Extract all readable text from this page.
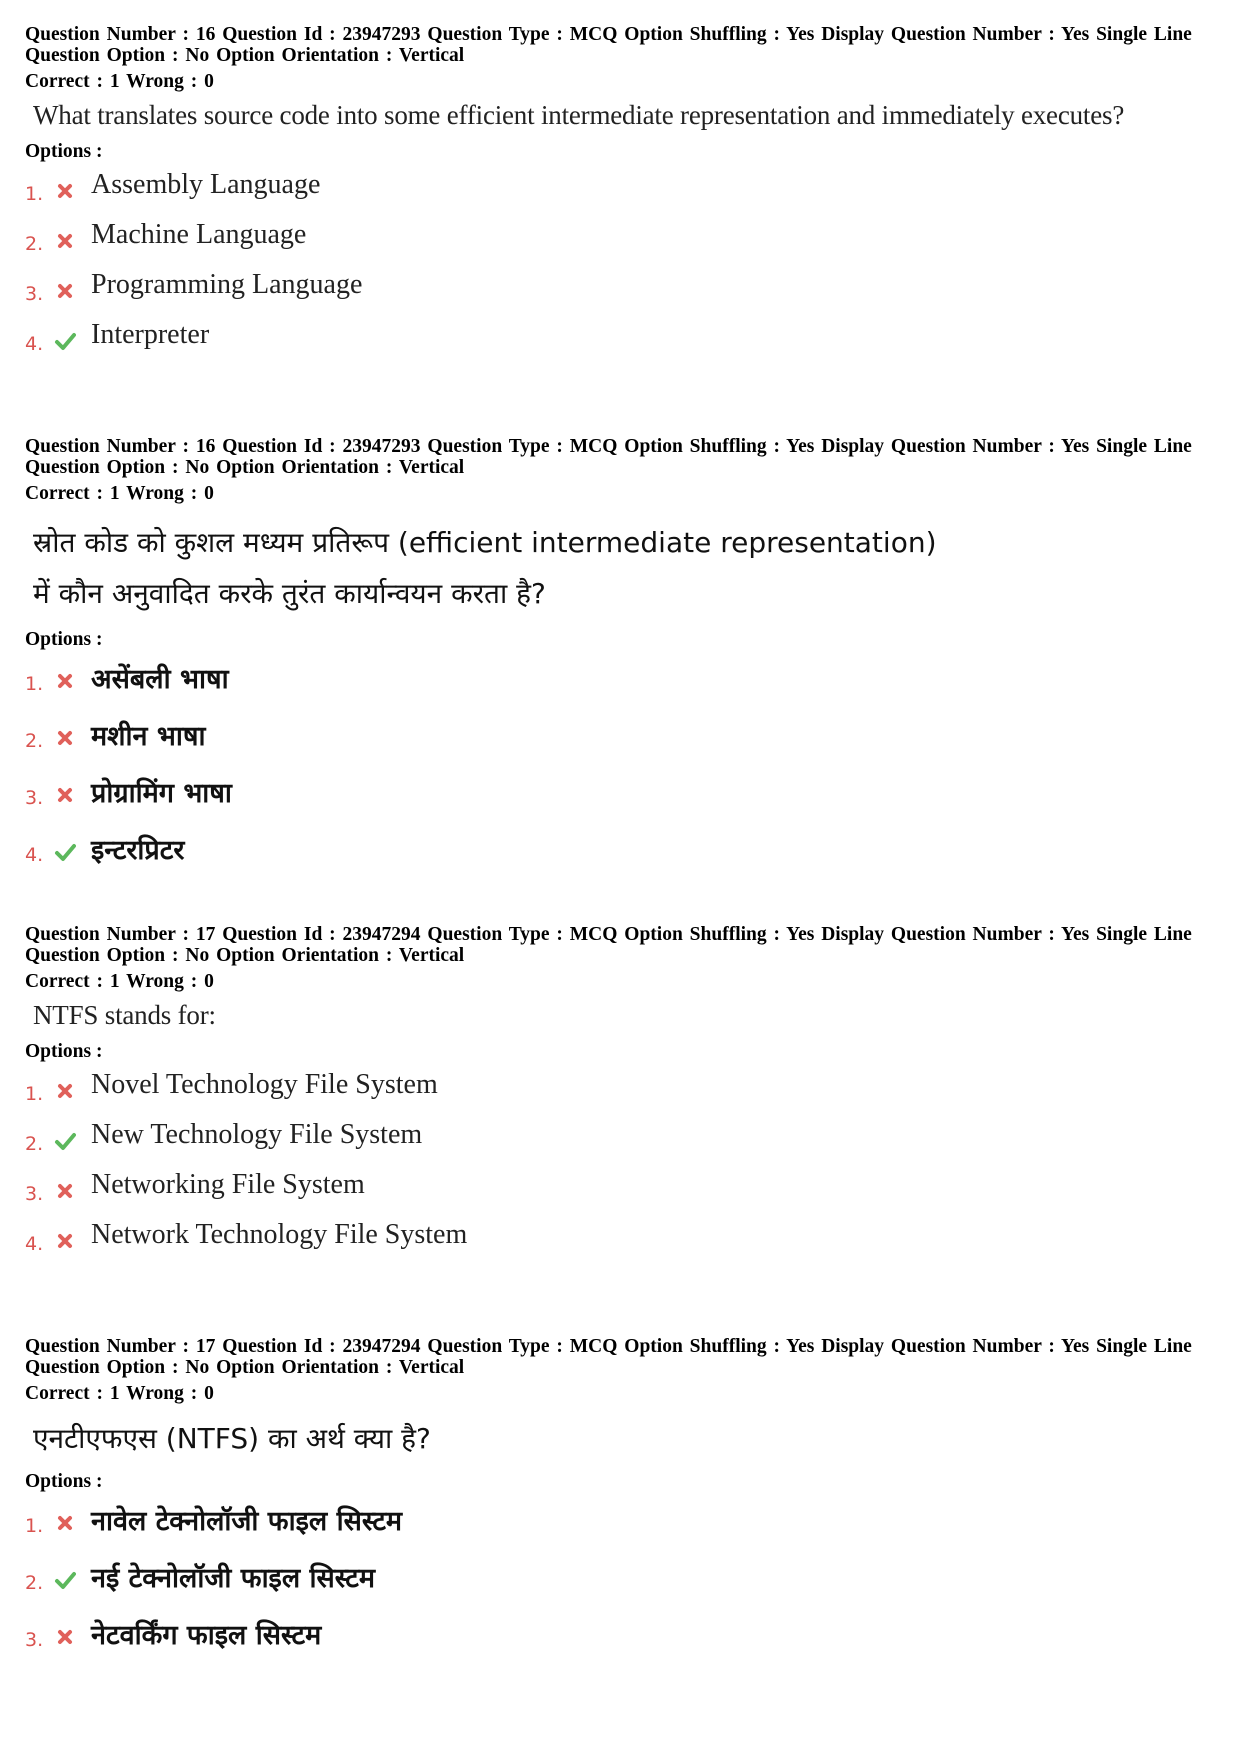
Question Number : 16 Question Id : 23947293 Question Type : MCQ Option Shuffling : Yes Display Question Number : Yes Single Line Question Option : No Option Orientation : Vertical
Correct : 1 Wrong : 0
What translates source code into some efficient intermediate representation and immediately executes?
Options :
1. Assembly Language
2. Machine Language
3. Programming Language
4. Interpreter
Question Number : 16 Question Id : 23947293 Question Type : MCQ Option Shuffling : Yes Display Question Number : Yes Single Line Question Option : No Option Orientation : Vertical
Correct : 1 Wrong : 0
स्रोत कोड को कुशल मध्यम प्रतिरूप (efficient intermediate representation)
में कौन अनुवादित करके तुरंत कार्यान्वयन करता है?
Options :
1. असेंबली भाषा
2. मशीन भाषा
3. प्रोग्रामिंग भाषा
4. इन्टरप्रिटर
Question Number : 17 Question Id : 23947294 Question Type : MCQ Option Shuffling : Yes Display Question Number : Yes Single Line Question Option : No Option Orientation : Vertical
Correct : 1 Wrong : 0
NTFS stands for:
Options :
1. Novel Technology File System
2. New Technology File System
3. Networking File System
4. Network Technology File System
Question Number : 17 Question Id : 23947294 Question Type : MCQ Option Shuffling : Yes Display Question Number : Yes Single Line Question Option : No Option Orientation : Vertical
Correct : 1 Wrong : 0
एनटीएफएस (NTFS) का अर्थ क्या है?
Options :
1. नावेल टेक्नोलॉजी फाइल सिस्टम
2. नई टेक्नोलॉजी फाइल सिस्टम
3. नेटवर्किंग फाइल सिस्टम
